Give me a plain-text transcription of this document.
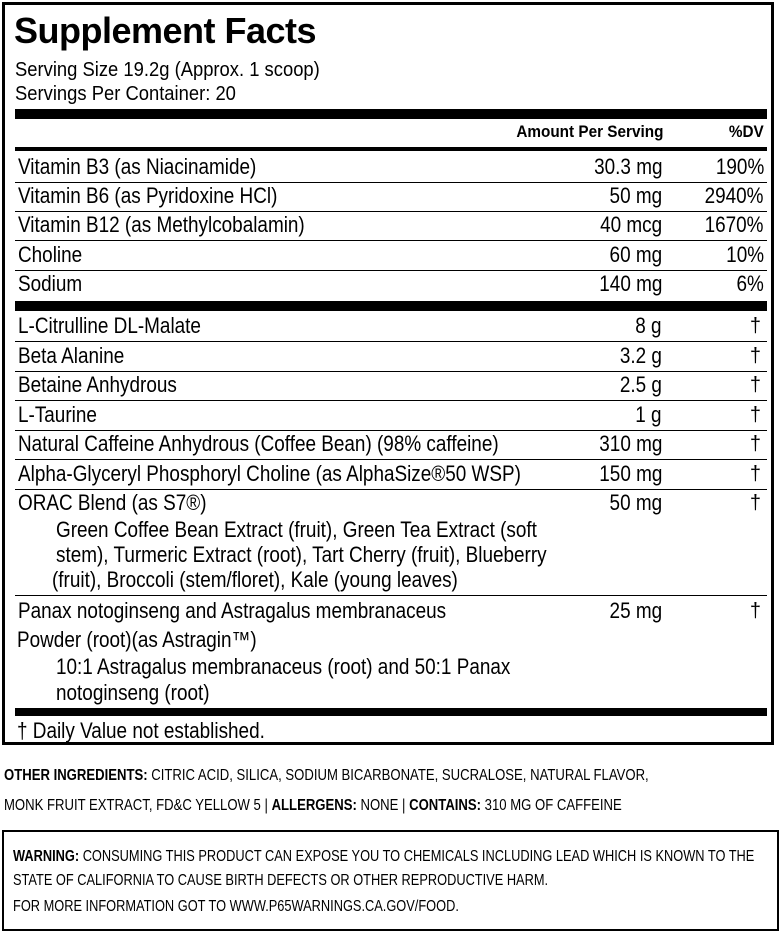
Supplement Facts
Serving Size 19.2g (Approx. 1 scoop)
Servings Per Container: 20
Amount Per Serving	%DV
Vitamin B3 (as Niacinamide)	30.3 mg 190%
Vitamin B6 (as Pyridoxine HCl)	50 mg 2940%
Vitamin B12 (as Methylcobalamin)	40 mcg 1670%
Choline	60 mg	10%
Sodium	140 mg	6%
L-Citrulline DL-Malate	8 g	†
Beta Alanine	3.2 g	†
Betaine Anhydrous	2.5 g	†
L-Taurine	1 g	†
Natural Caffeine Anhydrous (Coffee Bean) (98% caffeine)	310 mg	†
Alpha-Glyceryl Phosphoryl Choline (as AlphaSize®50 WSP)	150 mg	†
ORAC Blend (as S7®)	50 mg	†
Green Coffee Bean Extract (fruit), Green Tea Extract (soft
stem), Turmeric Extract (root), Tart Cherry (fruit), Blueberry
(fruit), Broccoli (stem/floret), Kale (young leaves)
Panax notoginseng and Astragalus membranaceus	25 mg	†
Powder (root)(as Astragin™)
10:1 Astragalus membranaceus (root) and 50:1 Panax
notoginseng (root)
† Daily Value not established.
OTHER INGREDIENTS: CITRIC ACID, SILICA, SODIUM BICARBONATE, SUCRALOSE, NATURAL FLAVOR,
MONK FRUIT EXTRACT, FD&C YELLOW 5 | ALLERGENS: NONE | CONTAINS: 310 MG OF CAFFEINE
WARNING: CONSUMING THIS PRODUCT CAN EXPOSE YOU TO CHEMICALS INCLUDING LEAD WHICH IS KNOWN TO THE
STATE OF CALIFORNIA TO CAUSE BIRTH DEFECTS OR OTHER REPRODUCTIVE HARM.
FOR MORE INFORMATION GOT TO WWW.P65WARNINGS.CA.GOV/FOOD.
